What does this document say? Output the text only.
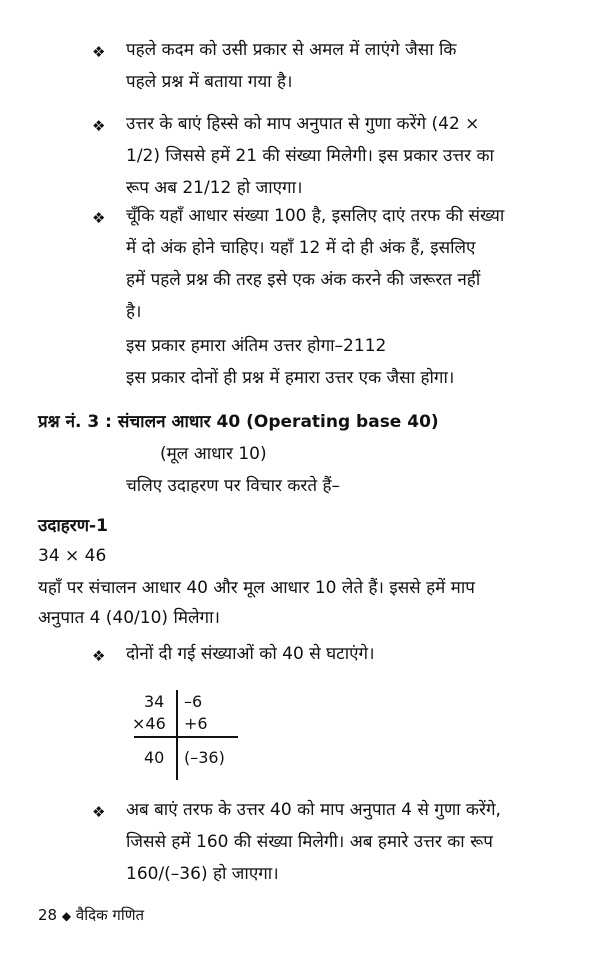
❖ पहले कदम को उसी प्रकार से अमल में लाएंगे जैसा कि
पहले प्रश्न में बताया गया है।
❖ उत्तर के बाएं हिस्से को माप अनुपात से गुणा करेंगे (42 ×
1/2) जिससे हमें 21 की संख्या मिलेगी। इस प्रकार उत्तर का
रूप अब 21/12 हो जाएगा।
❖ चूँकि यहाँ आधार संख्या 100 है, इसलिए दाएं तरफ की संख्या
में दो अंक होने चाहिए। यहाँ 12 में दो ही अंक हैं, इसलिए
हमें पहले प्रश्न की तरह इसे एक अंक करने की जरूरत नहीं
है।
इस प्रकार हमारा अंतिम उत्तर होगा–2112
इस प्रकार दोनों ही प्रश्न में हमारा उत्तर एक जैसा होगा।
प्रश्न नं. 3 : संचालन आधार 40 (Operating base 40)
(मूल आधार 10)
चलिए उदाहरण पर विचार करते हैं–
उदाहरण-1
34 × 46
यहाँ पर संचालन आधार 40 और मूल आधार 10 लेते हैं। इससे हमें माप
अनुपात 4 (40/10) मिलेगा।
❖ दोनों दी गई संख्याओं को 40 से घटाएंगे।
34 –6
×46 +6
40 (–36)
❖ अब बाएं तरफ के उत्तर 40 को माप अनुपात 4 से गुणा करेंगे,
जिससे हमें 160 की संख्या मिलेगी। अब हमारे उत्तर का रूप
160/(–36) हो जाएगा।
28 ◆ वैदिक गणित
